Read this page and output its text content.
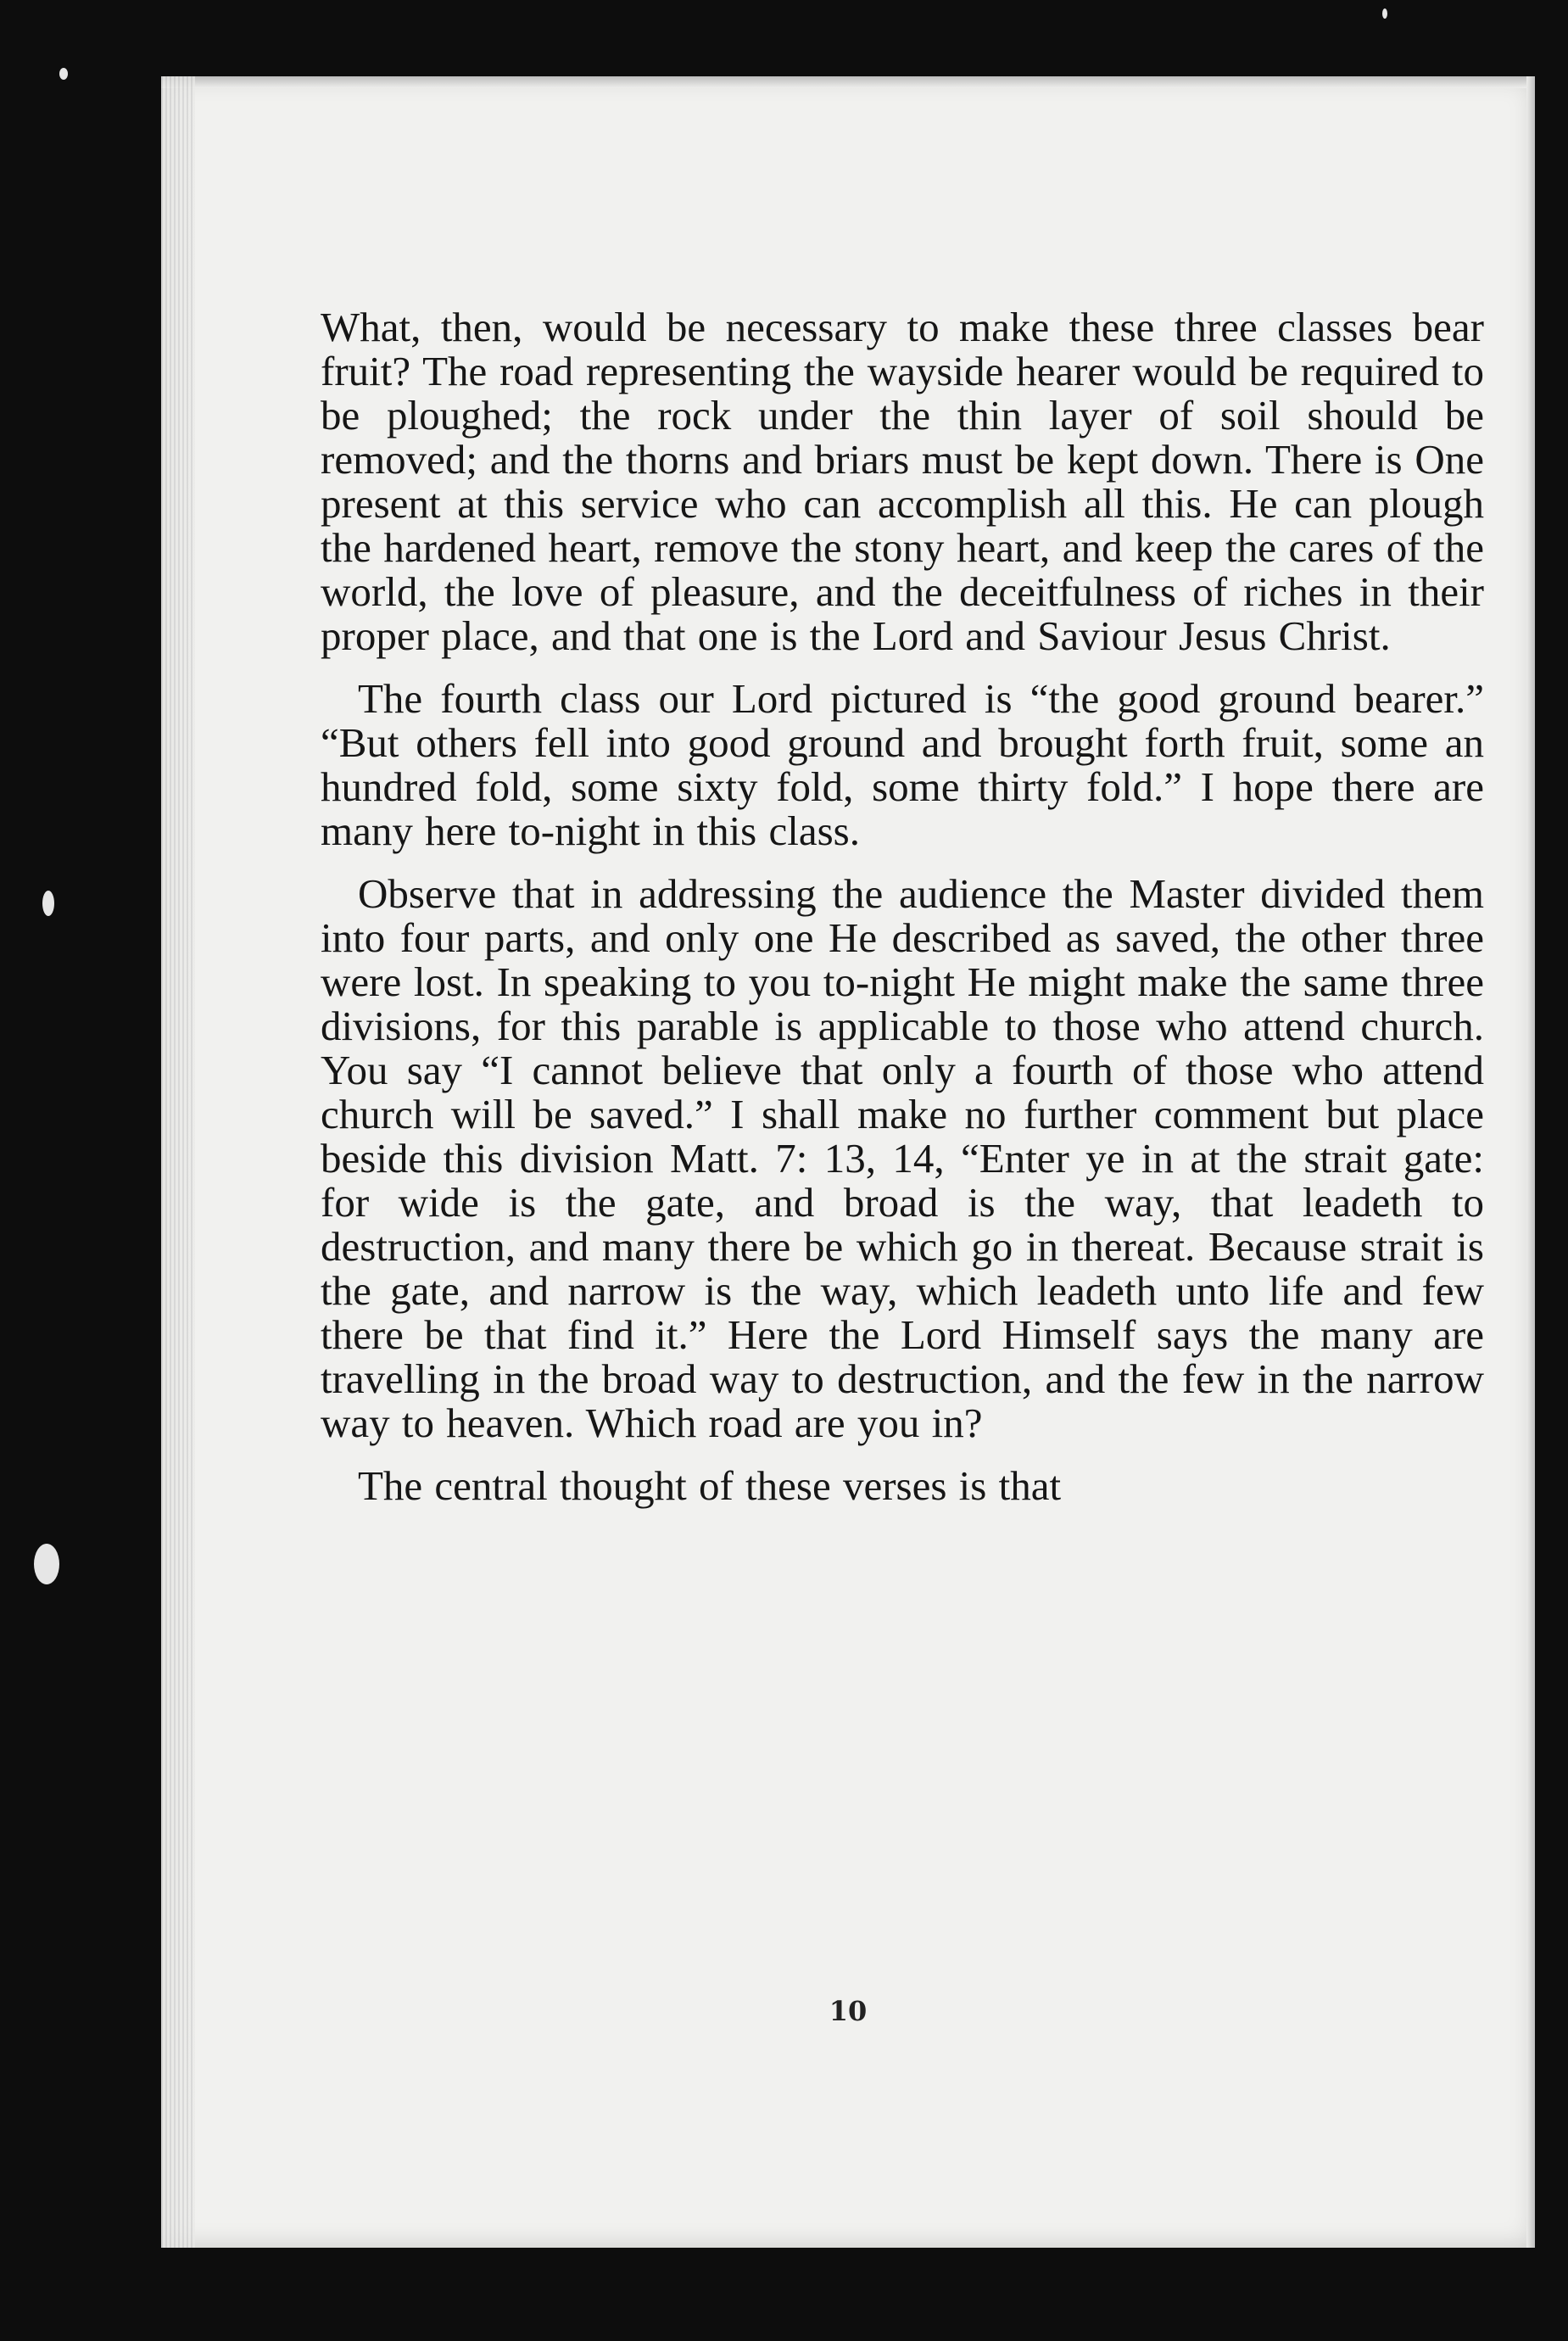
What, then, would be necessary to make these three classes bear fruit? The road representing the wayside hearer would be required to be ploughed; the rock under the thin layer of soil should be removed; and the thorns and briars must be kept down. There is One present at this service who can accomplish all this. He can plough the hardened heart, remove the stony heart, and keep the cares of the world, the love of pleasure, and the deceitfulness of riches in their proper place, and that one is the Lord and Saviour Jesus Christ.

The fourth class our Lord pictured is “the good ground bearer.” “But others fell into good ground and brought forth fruit, some an hundred fold, some sixty fold, some thirty fold.” I hope there are many here to-night in this class.

Observe that in addressing the audience the Master divided them into four parts, and only one He described as saved, the other three were lost. In speaking to you to-night He might make the same three divisions, for this parable is applicable to those who attend church. You say “I cannot believe that only a fourth of those who attend church will be saved.” I shall make no further comment but place beside this division Matt. 7: 13, 14, “Enter ye in at the strait gate: for wide is the gate, and broad is the way, that leadeth to destruction, and many there be which go in thereat. Because strait is the gate, and narrow is the way, which leadeth unto life and few there be that find it.” Here the Lord Himself says the many are travelling in the broad way to destruction, and the few in the narrow way to heaven. Which road are you in?

The central thought of these verses is that

10
